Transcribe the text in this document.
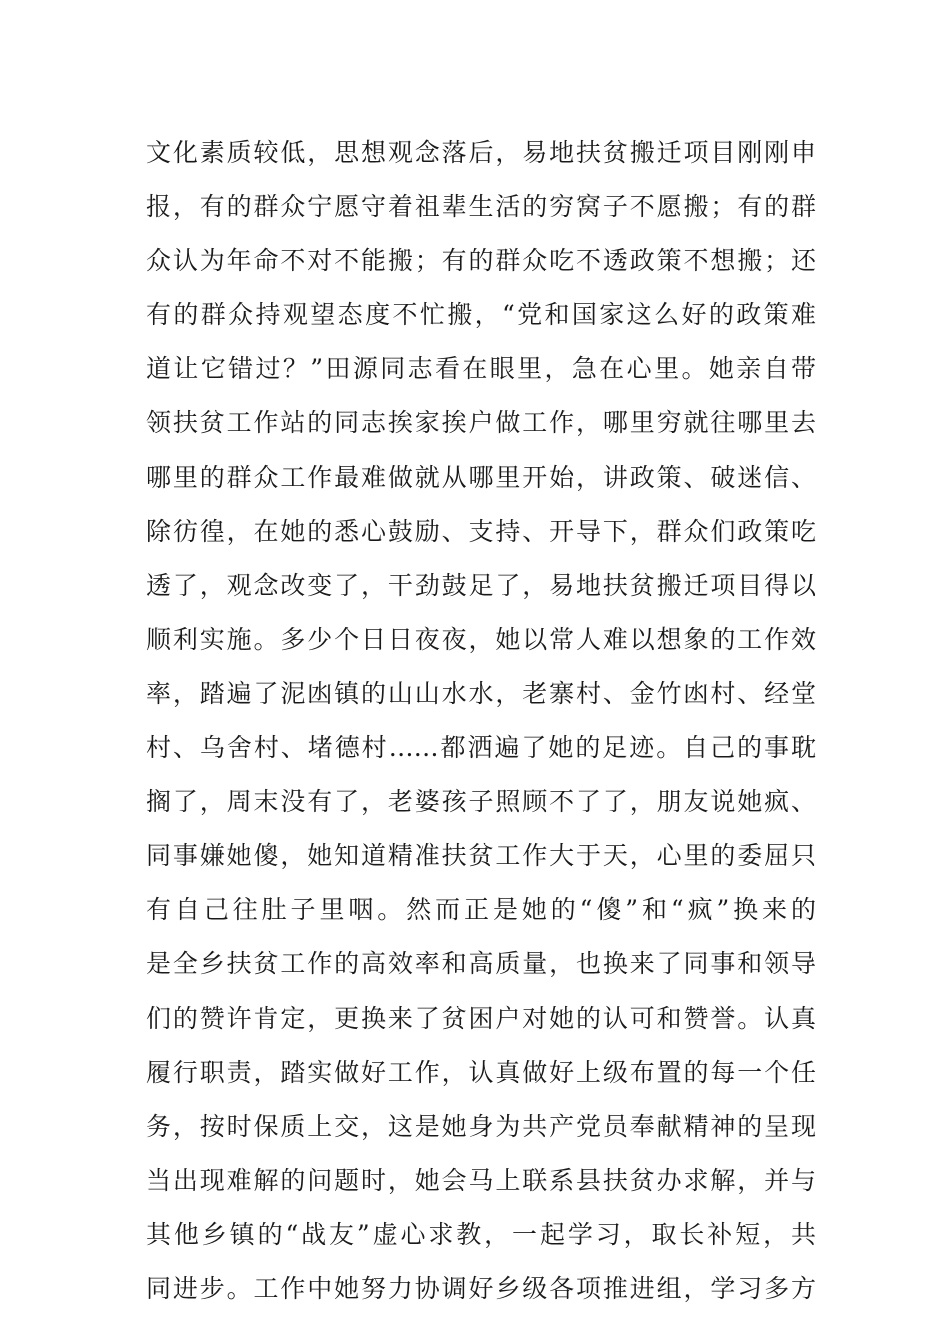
文化素质较低，思想观念落后，易地扶贫搬迁项目刚刚申
报，有的群众宁愿守着祖辈生活的穷窝子不愿搬；有的群
众认为年命不对不能搬；有的群众吃不透政策不想搬；还
有的群众持观望态度不忙搬，“党和国家这么好的政策难
道让它错过？”田源同志看在眼里，急在心里。她亲自带
领扶贫工作站的同志挨家挨户做工作，哪里穷就往哪里去
哪里的群众工作最难做就从哪里开始，讲政策、破迷信、
除彷徨，在她的悉心鼓励、支持、开导下，群众们政策吃
透了，观念改变了，干劲鼓足了，易地扶贫搬迁项目得以
顺利实施。多少个日日夜夜，她以常人难以想象的工作效
率，踏遍了泥凼镇的山山水水，老寨村、金竹凼村、经堂
村、乌舍村、堵德村……都洒遍了她的足迹。自己的事耽
搁了，周末没有了，老婆孩子照顾不了了，朋友说她疯、
同事嫌她傻，她知道精准扶贫工作大于天，心里的委屈只
有自己往肚子里咽。然而正是她的“傻”和“疯”换来的
是全乡扶贫工作的高效率和高质量，也换来了同事和领导
们的赞许肯定，更换来了贫困户对她的认可和赞誉。认真
履行职责，踏实做好工作，认真做好上级布置的每一个任
务，按时保质上交，这是她身为共产党员奉献精神的呈现
当出现难解的问题时，她会马上联系县扶贫办求解，并与
其他乡镇的“战友”虚心求教，一起学习，取长补短，共
同进步。工作中她努力协调好乡级各项推进组，学习多方
